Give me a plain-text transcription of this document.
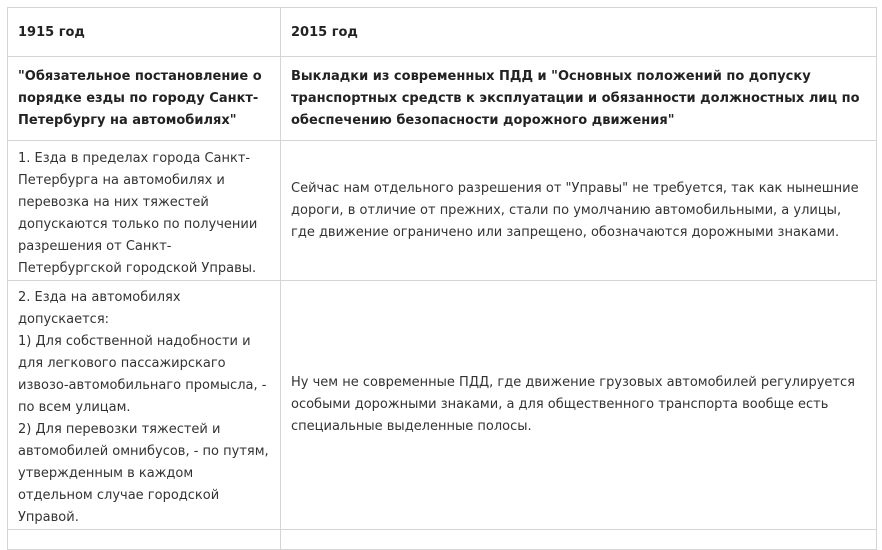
1915 год	2015 год

"Обязательное постановление о порядке езды по городу Санкт-Петербургу на автомобилях"	Выкладки из современных ПДД и "Основных положений по допуску транспортных средств к эксплуатации и обязанности должностных лиц по обеспечению безопасности дорожного движения"

1. Езда в пределах города Санкт-Петербурга на автомобилях и перевозка на них тяжестей допускаются только по получении разрешения от Санкт-Петербургской городской Управы.	Сейчас нам отдельного разрешения от "Управы" не требуется, так как нынешние дороги, в отличие от прежних, стали по умолчанию автомобильными, а улицы, где движение ограничено или запрещено, обозначаются дорожными знаками.

2. Езда на автомобилях допускается:
1) Для собственной надобности и для легкового пассажирскаго извозо-автомобильнаго промысла, - по всем улицам.
2) Для перевозки тяжестей и автомобилей омнибусов, - по путям, утвержденным в каждом отдельном случае городской Управой.	Ну чем не современные ПДД, где движение грузовых автомобилей регулируется особыми дорожными знаками, а для общественного транспорта вообще есть специальные выделенные полосы.
